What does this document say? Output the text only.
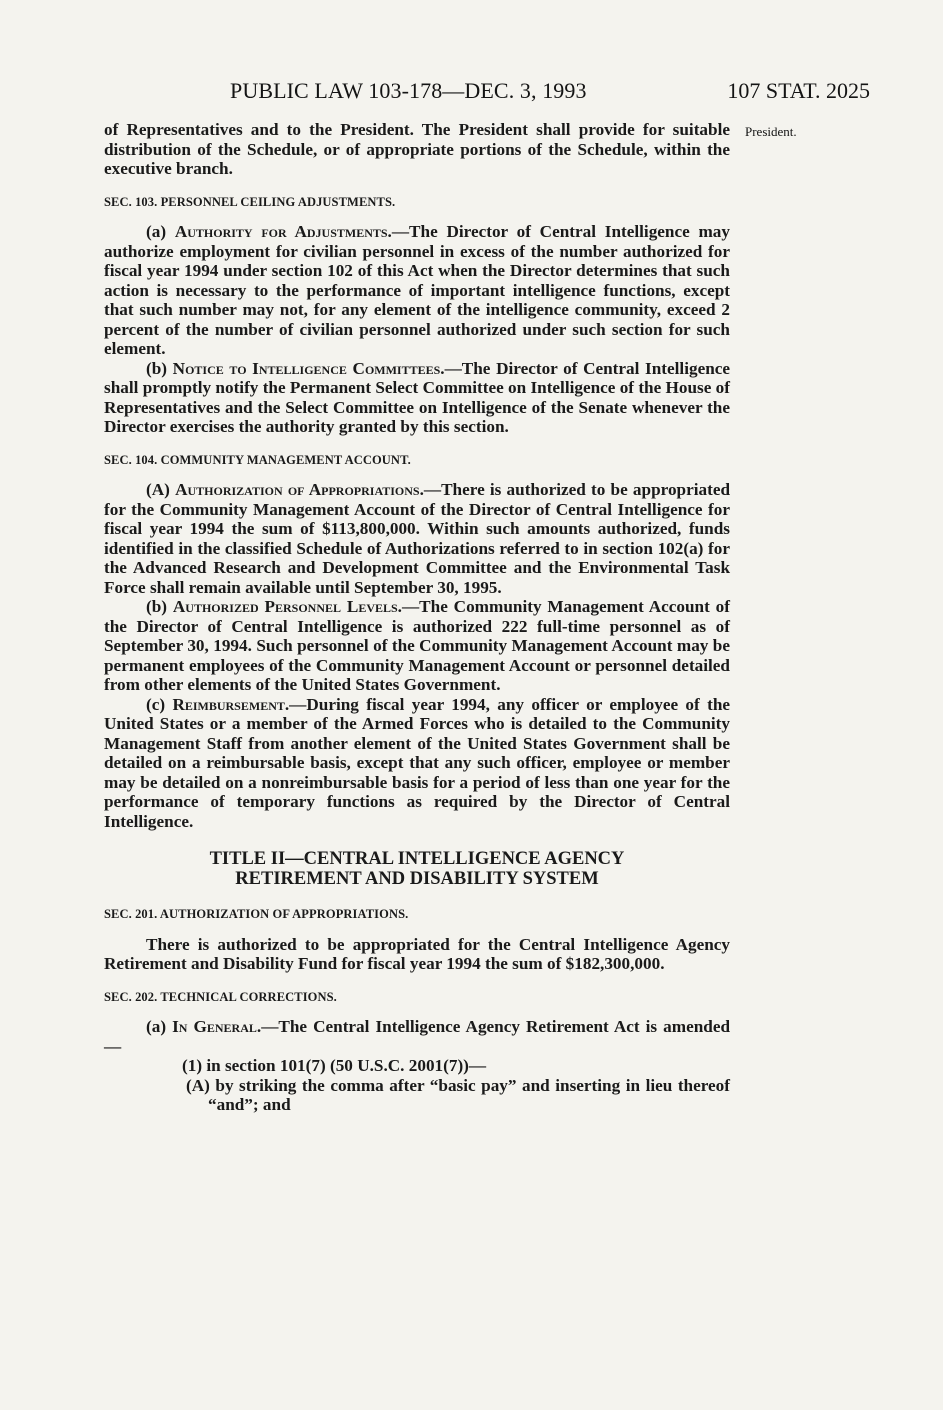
PUBLIC LAW 103-178—DEC. 3, 1993	107 STAT. 2025
President.

of Representatives and to the President. The President shall provide for suitable distribution of the Schedule, or of appropriate portions of the Schedule, within the executive branch.

SEC. 103. PERSONNEL CEILING ADJUSTMENTS.

(a) Authority for Adjustments.—The Director of Central Intelligence may authorize employment for civilian personnel in excess of the number authorized for fiscal year 1994 under section 102 of this Act when the Director determines that such action is necessary to the performance of important intelligence functions, except that such number may not, for any element of the intelligence community, exceed 2 percent of the number of civilian personnel authorized under such section for such element.

(b) Notice to Intelligence Committees.—The Director of Central Intelligence shall promptly notify the Permanent Select Committee on Intelligence of the House of Representatives and the Select Committee on Intelligence of the Senate whenever the Director exercises the authority granted by this section.

SEC. 104. COMMUNITY MANAGEMENT ACCOUNT.

(A) Authorization of Appropriations.—There is authorized to be appropriated for the Community Management Account of the Director of Central Intelligence for fiscal year 1994 the sum of $113,800,000. Within such amounts authorized, funds identified in the classified Schedule of Authorizations referred to in section 102(a) for the Advanced Research and Development Committee and the Environmental Task Force shall remain available until September 30, 1995.

(b) Authorized Personnel Levels.—The Community Management Account of the Director of Central Intelligence is authorized 222 full-time personnel as of September 30, 1994. Such personnel of the Community Management Account may be permanent employees of the Community Management Account or personnel detailed from other elements of the United States Government.

(c) Reimbursement.—During fiscal year 1994, any officer or employee of the United States or a member of the Armed Forces who is detailed to the Community Management Staff from another element of the United States Government shall be detailed on a reimbursable basis, except that any such officer, employee or member may be detailed on a nonreimbursable basis for a period of less than one year for the performance of temporary functions as required by the Director of Central Intelligence.

TITLE II—CENTRAL INTELLIGENCE AGENCY
RETIREMENT AND DISABILITY SYSTEM
SEC. 201. AUTHORIZATION OF APPROPRIATIONS.

There is authorized to be appropriated for the Central Intelligence Agency Retirement and Disability Fund for fiscal year 1994 the sum of $182,300,000.

SEC. 202. TECHNICAL CORRECTIONS.

(a) In General.—The Central Intelligence Agency Retirement Act is amended—

(1) in section 101(7) (50 U.S.C. 2001(7))—

(A) by striking the comma after “basic pay” and inserting in lieu thereof “and”; and
